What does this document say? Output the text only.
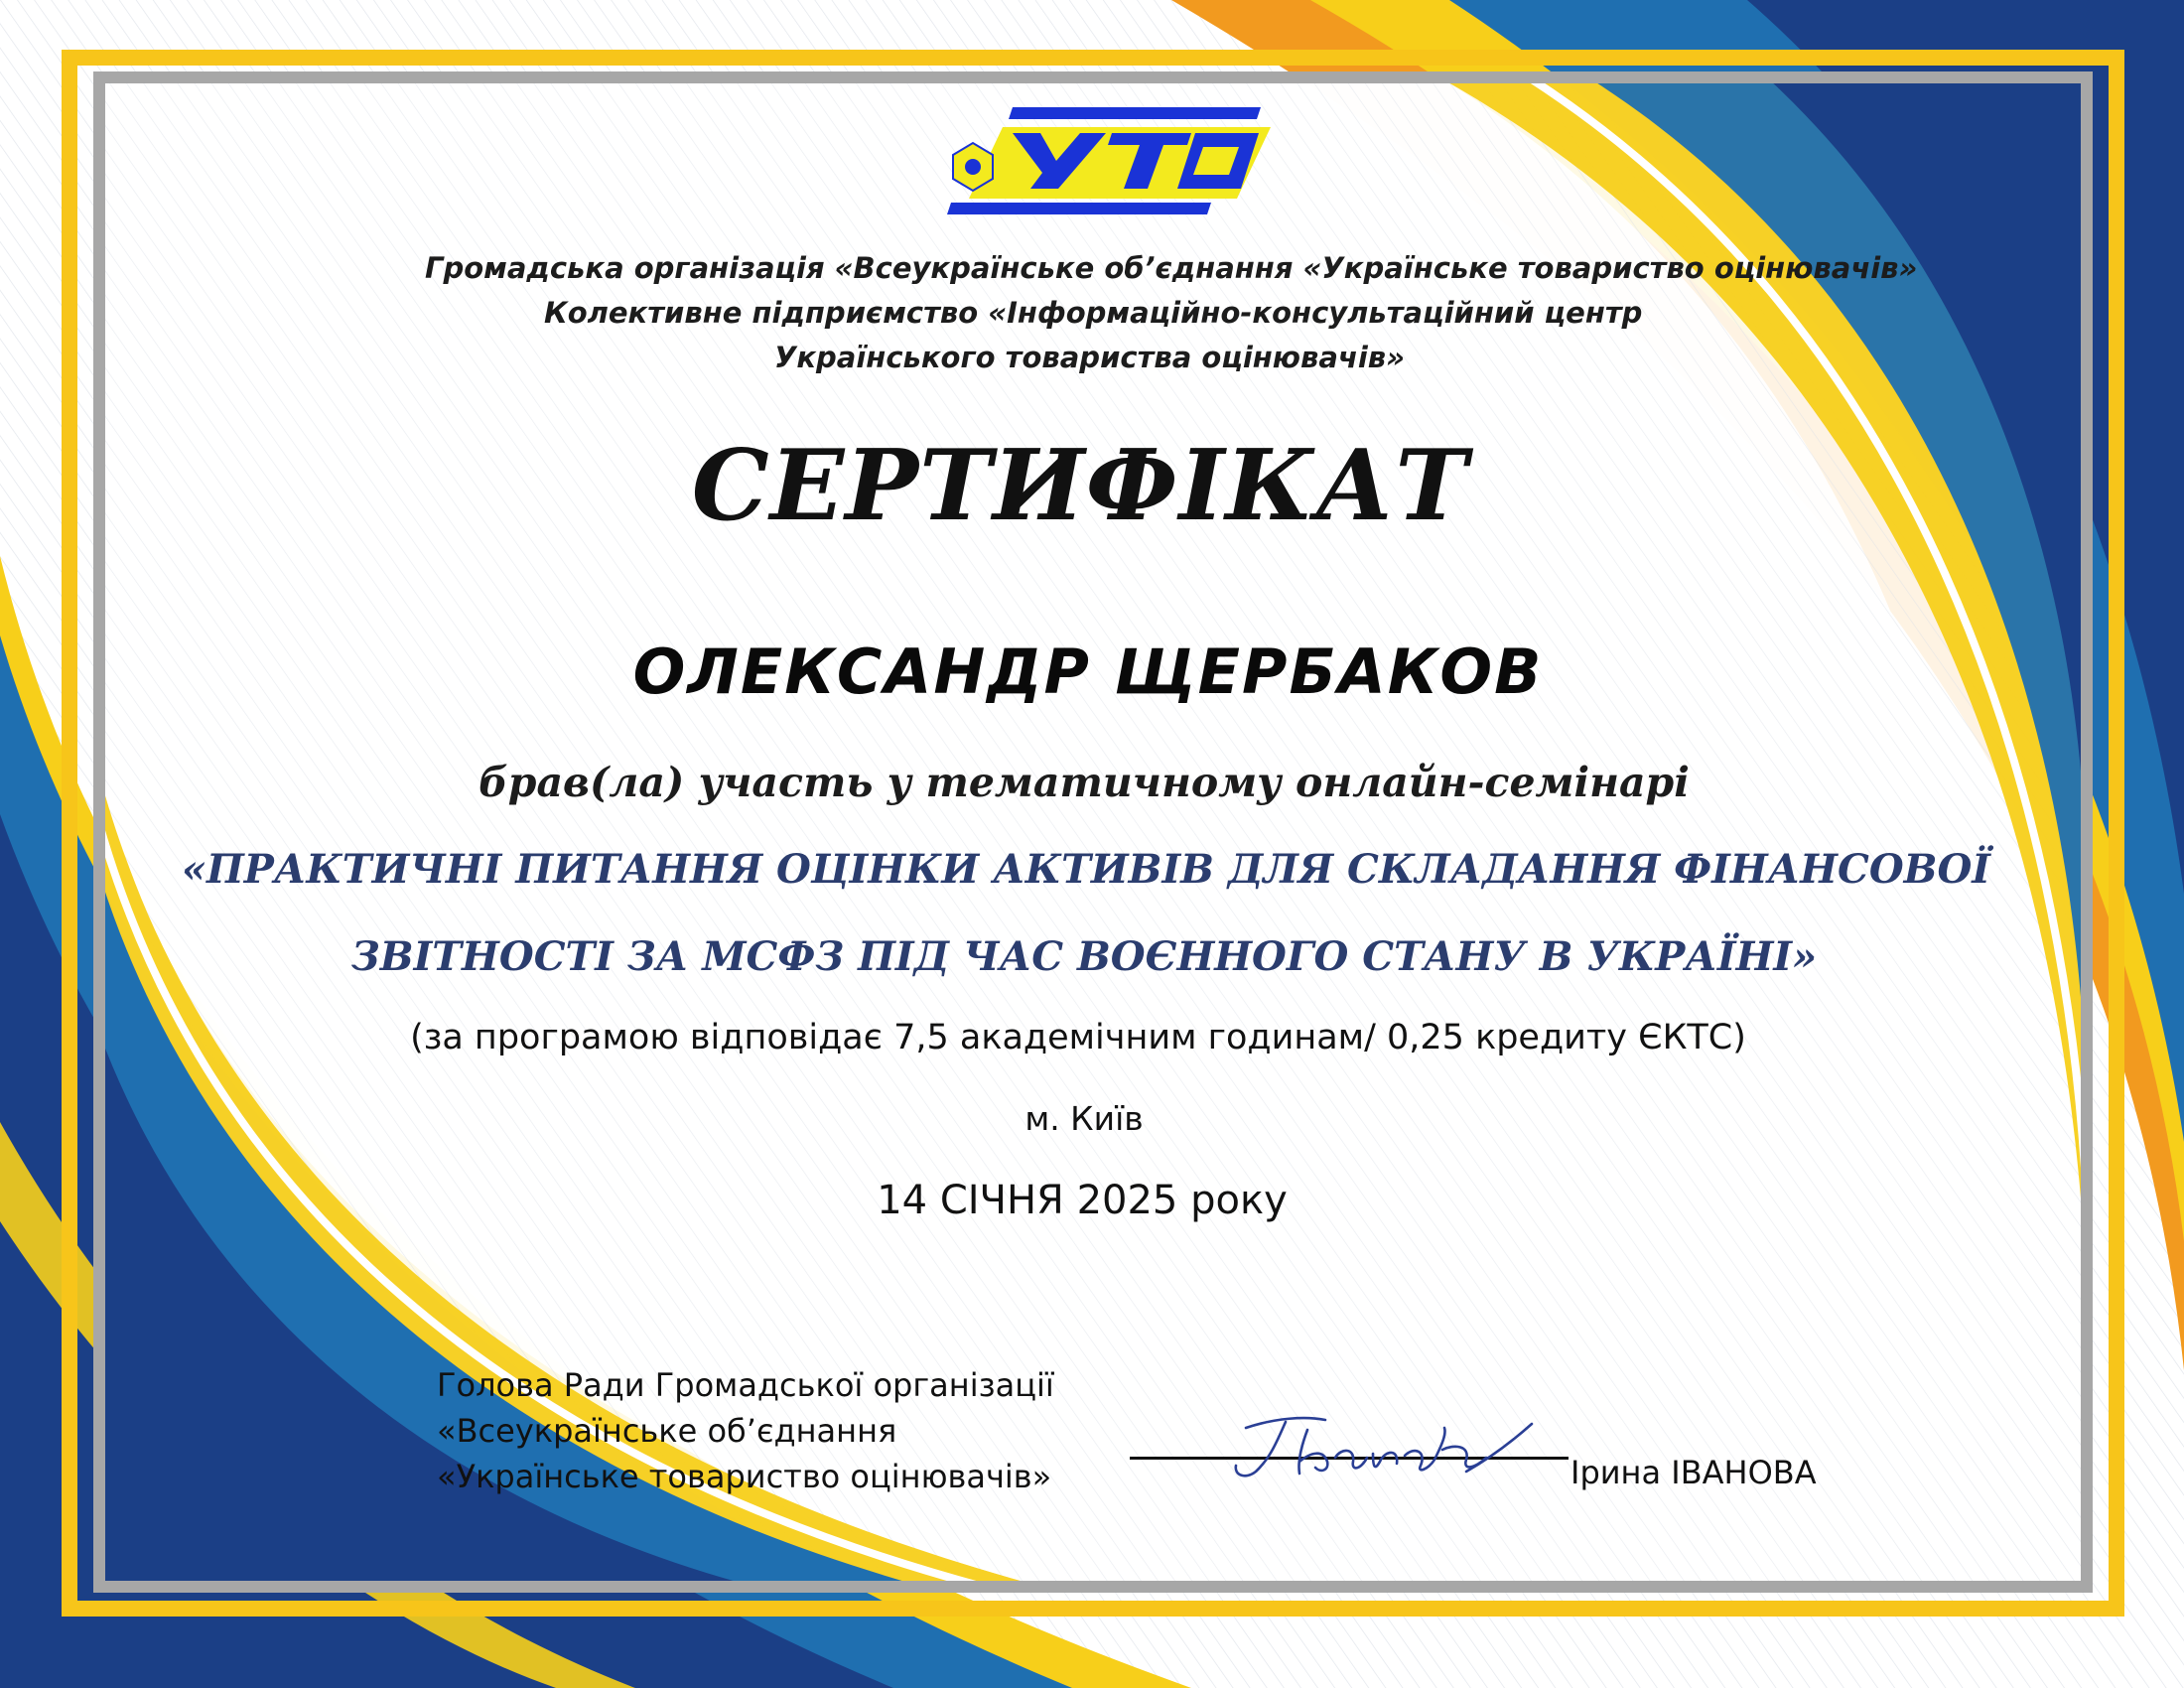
Громадська організація «Всеукраїнське об’єднання «Українське товариство оцінювачів»
Колективне підприємство «Інформаційно-консультаційний центр
Українського товариства оцінювачів»
СЕРТИФІКАТ
ОЛЕКСАНДР ЩЕРБАКОВ
брав(ла) участь у тематичному онлайн-семінарі
«ПРАКТИЧНІ ПИТАННЯ ОЦІНКИ АКТИВІВ ДЛЯ СКЛАДАННЯ ФІНАНСОВОЇ
ЗВІТНОСТІ ЗА МСФЗ ПІД ЧАС ВОЄННОГО СТАНУ В УКРАЇНІ»
(за програмою відповідає 7,5 академічним годинам/ 0,25 кредиту ЄКТС)
м. Київ
14 СІЧНЯ 2025 року
Голова Ради Громадської організації
«Всеукраїнське об’єднання
«Українське товариство оцінювачів»	Ірина ІВАНОВА
